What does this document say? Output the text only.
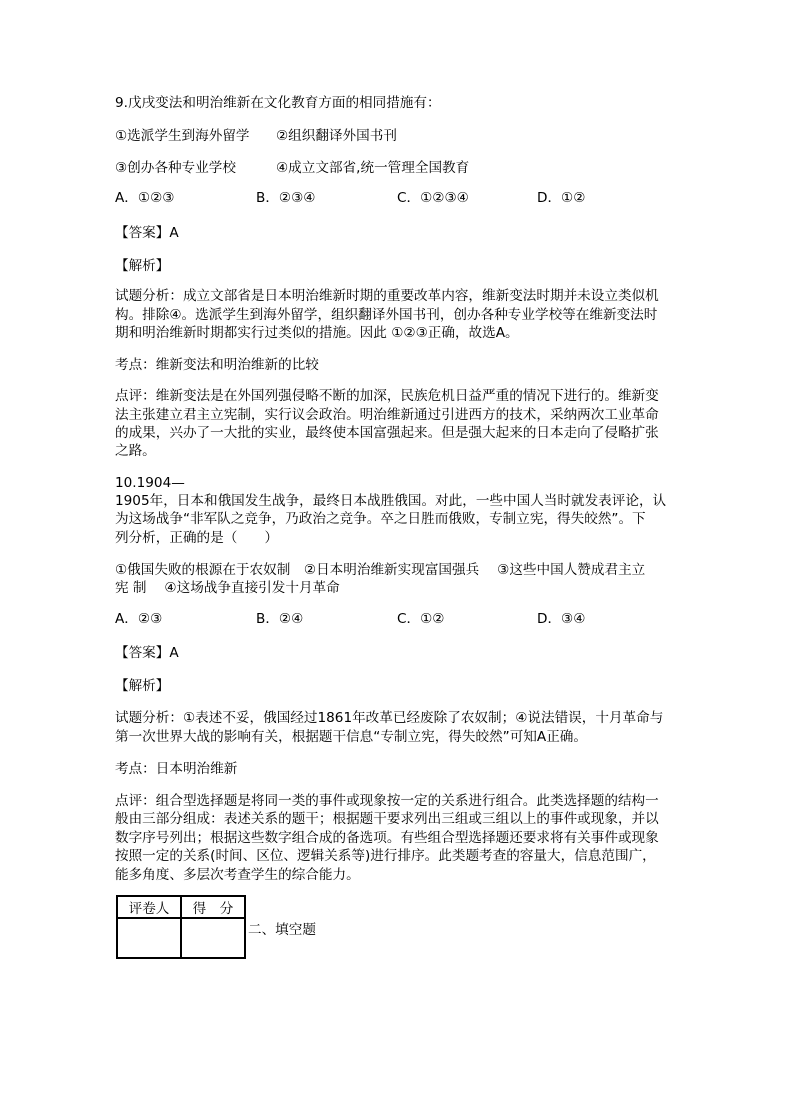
9.戊戌变法和明治维新在文化教育方面的相同措施有：
①选派学生到海外留学 ②组织翻译外国书刊
③创办各种专业学校	④成立文部省,统一管理全国教育
A．①②③	B．②③④	C．①②③④	D．①②
【答案】A
【解析】
试题分析：成立文部省是日本明治维新时期的重要改革内容，维新变法时期并未设立类似机
构。排除④。选派学生到海外留学，组织翻译外国书刊，创办各种专业学校等在维新变法时
期和明治维新时期都实行过类似的措施。因此 ①②③正确，故选A。
考点：维新变法和明治维新的比较
点评：维新变法是在外国列强侵略不断的加深，民族危机日益严重的情况下进行的。维新变
法主张建立君主立宪制，实行议会政治。明治维新通过引进西方的技术，采纳两次工业革命
的成果，兴办了一大批的实业，最终使本国富强起来。但是强大起来的日本走向了侵略扩张
之路。
10.1904—
1905年，日本和俄国发生战争，最终日本战胜俄国。对此，一些中国人当时就发表评论，认
为这场战争“非军队之竞争，乃政治之竞争。卒之日胜而俄败，专制立宪，得失皎然”。下
列分析，正确的是（　　）
①俄国失败的根源在于农奴制　②日本明治维新实现富国强兵　 ③这些中国人赞成君主立
宪 制　 ④这场战争直接引发十月革命
A．②③	B．②④	C．①②	D．③④
【答案】A
【解析】
试题分析：①表述不妥，俄国经过1861年改革已经废除了农奴制；④说法错误，十月革命与
第一次世界大战的影响有关，根据题干信息“专制立宪，得失皎然”可知A正确。
考点：日本明治维新
点评：组合型选择题是将同一类的事件或现象按一定的关系进行组合。此类选择题的结构一
般由三部分组成：表述关系的题干；根据题干要求列出三组或三组以上的事件或现象，并以
数字序号列出；根据这些数字组合成的备选项。有些组合型选择题还要求将有关事件或现象
按照一定的关系(时间、区位、逻辑关系等)进行排序。此类题考查的容量大，信息范围广，
能多角度、多层次考查学生的综合能力。
评卷人	得　分

二、填空题
